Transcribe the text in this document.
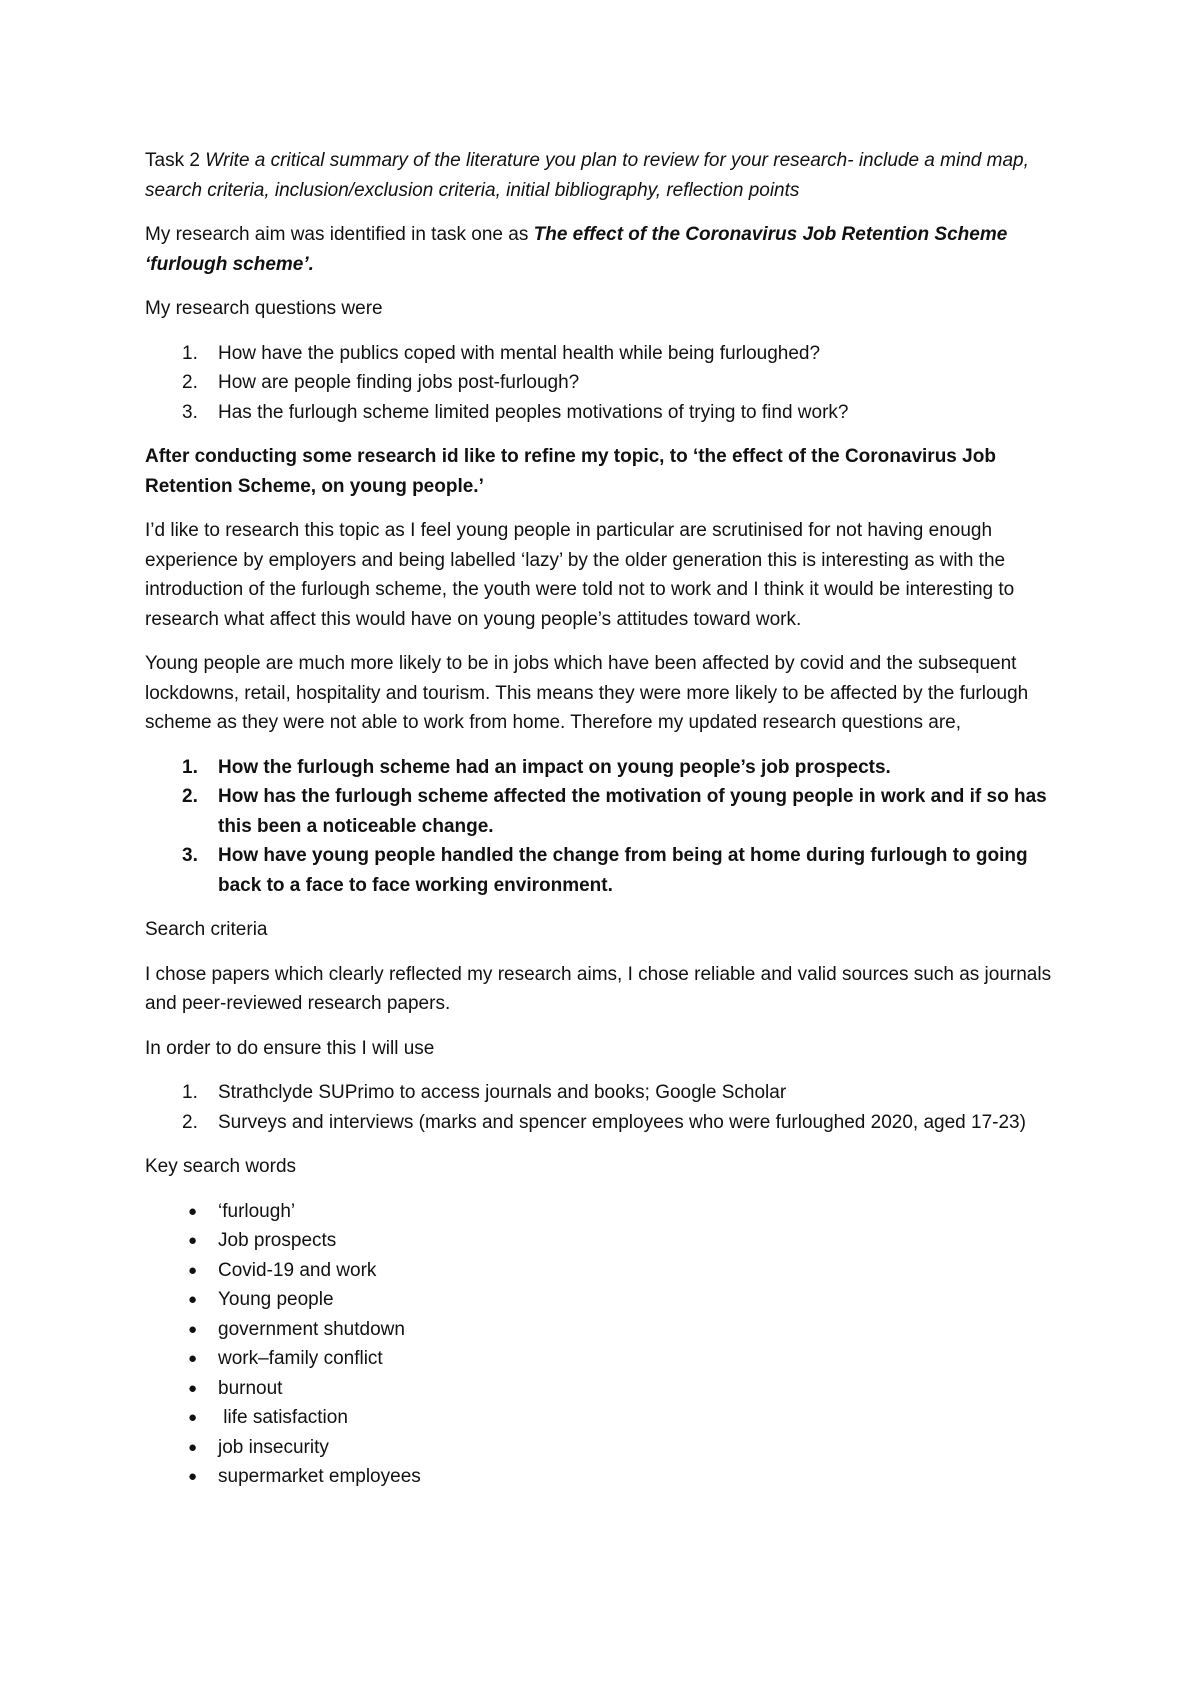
Task 2 Write a critical summary of the literature you plan to review for your research- include a mind map, search criteria, inclusion/exclusion criteria, initial bibliography, reflection points

My research aim was identified in task one as The effect of the Coronavirus Job Retention Scheme ‘furlough scheme’.

My research questions were

1. How have the publics coped with mental health while being furloughed?
2. How are people finding jobs post-furlough?
3. Has the furlough scheme limited peoples motivations of trying to find work?

After conducting some research id like to refine my topic, to ‘the effect of the Coronavirus Job Retention Scheme, on young people.’

I’d like to research this topic as I feel young people in particular are scrutinised for not having enough experience by employers and being labelled ‘lazy’ by the older generation this is interesting as with the introduction of the furlough scheme, the youth were told not to work and I think it would be interesting to research what affect this would have on young people’s attitudes toward work.

Young people are much more likely to be in jobs which have been affected by covid and the subsequent lockdowns, retail, hospitality and tourism. This means they were more likely to be affected by the furlough scheme as they were not able to work from home. Therefore my updated research questions are,

1. How the furlough scheme had an impact on young people’s job prospects.
2. How has the furlough scheme affected the motivation of young people in work and if so has this been a noticeable change.
3. How have young people handled the change from being at home during furlough to going back to a face to face working environment.

Search criteria

I chose papers which clearly reflected my research aims, I chose reliable and valid sources such as journals and peer-reviewed research papers.

In order to do ensure this I will use

1. Strathclyde SUPrimo to access journals and books; Google Scholar
2. Surveys and interviews (marks and spencer employees who were furloughed 2020, aged 17-23)

Key search words

● ‘furlough’
● Job prospects
● Covid-19 and work
● Young people
● government shutdown
● work–family conflict
● burnout
● life satisfaction
● job insecurity
● supermarket employees
